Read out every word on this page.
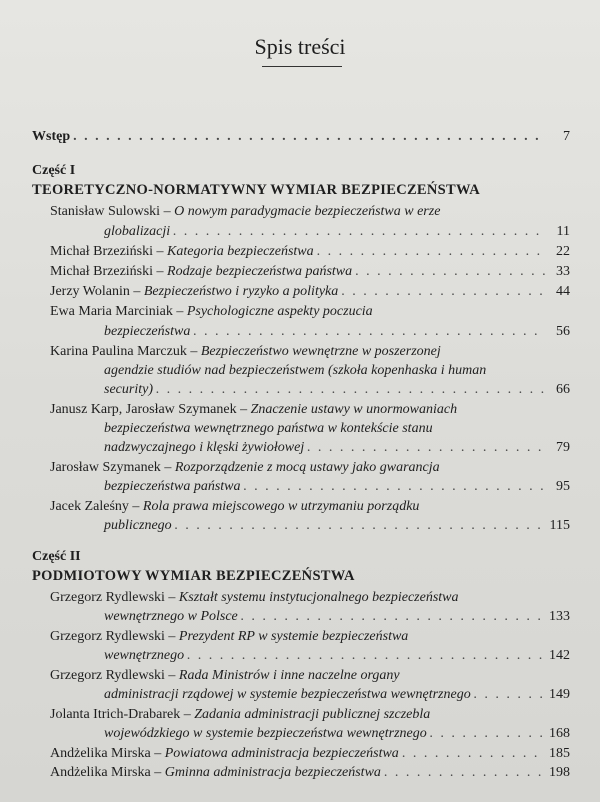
Spis treści
Wstęp . . .	7
Część I
TEORETYCZNO-NORMATYWNY WYMIAR BEZPIECZEŃSTWA
Stanisław Sulowski – O nowym paradygmacie bezpieczeństwa w erze
globalizacji . . .	11
Michał Brzeziński – Kategoria bezpieczeństwa . . .	22
Michał Brzeziński – Rodzaje bezpieczeństwa państwa . . .	33
Jerzy Wolanin – Bezpieczeństwo i ryzyko a polityka . . .	44
Ewa Maria Marciniak – Psychologiczne aspekty poczucia
bezpieczeństwa . . .	56
Karina Paulina Marczuk – Bezpieczeństwo wewnętrzne w poszerzonej
agendzie studiów nad bezpieczeństwem (szkoła kopenhaska i human
security) . . .	66
Janusz Karp, Jarosław Szymanek – Znaczenie ustawy w unormowaniach
bezpieczeństwa wewnętrznego państwa w kontekście stanu
nadzwyczajnego i klęski żywiołowej . . .	79
Jarosław Szymanek – Rozporządzenie z mocą ustawy jako gwarancja
bezpieczeństwa państwa . . .	95
Jacek Zaleśny – Rola prawa miejscowego w utrzymaniu porządku
publicznego . . .	115
Część II
PODMIOTOWY WYMIAR BEZPIECZEŃSTWA
Grzegorz Rydlewski – Kształt systemu instytucjonalnego bezpieczeństwa
wewnętrznego w Polsce . . .	133
Grzegorz Rydlewski – Prezydent RP w systemie bezpieczeństwa
wewnętrznego . . .	142
Grzegorz Rydlewski – Rada Ministrów i inne naczelne organy
administracji rządowej w systemie bezpieczeństwa wewnętrznego . . .	149
Jolanta Itrich-Drabarek – Zadania administracji publicznej szczebla
wojewódzkiego w systemie bezpieczeństwa wewnętrznego . . .	168
Andżelika Mirska – Powiatowa administracja bezpieczeństwa . . .	185
Andżelika Mirska – Gminna administracja bezpieczeństwa . . .	198
